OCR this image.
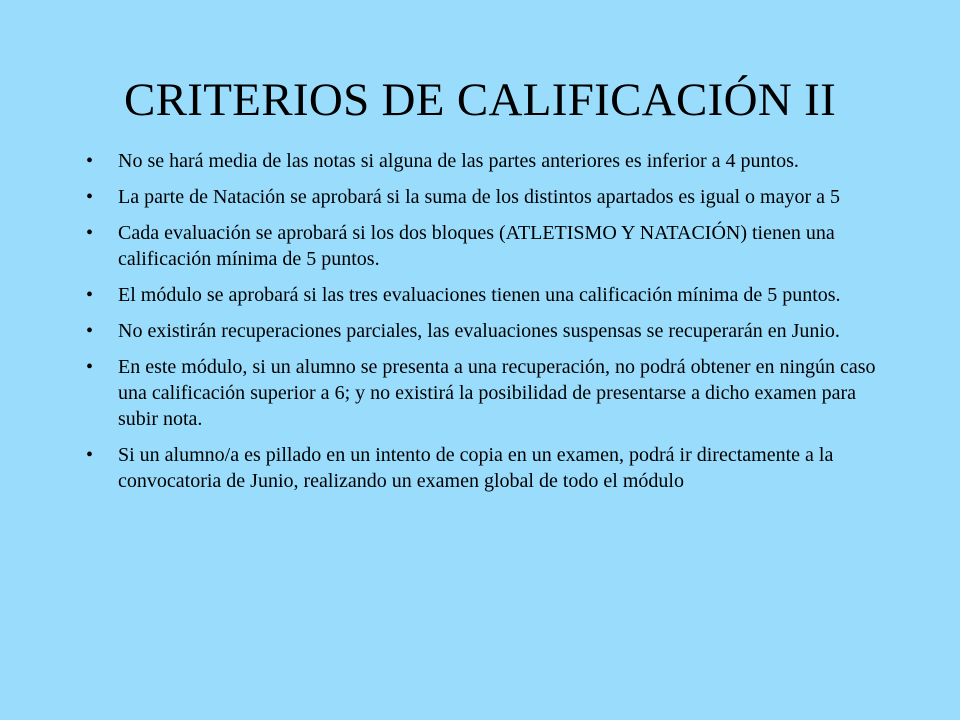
CRITERIOS DE CALIFICACIÓN II
•	No se hará media de las notas si alguna de las partes anteriores es inferior a 4 puntos.
•	La parte de Natación se aprobará si la suma de los distintos apartados es igual o mayor a 5
•	Cada evaluación se aprobará si los dos bloques (ATLETISMO Y NATACIÓN) tienen una calificación mínima de 5 puntos.
•	El módulo se aprobará si las tres evaluaciones tienen una calificación mínima de 5 puntos.
•	No existirán recuperaciones parciales, las evaluaciones suspensas se recuperarán en Junio.
•	En este módulo, si un alumno se presenta a una recuperación, no podrá obtener en ningún caso una calificación superior a 6; y no existirá la posibilidad de presentarse a dicho examen para subir nota.
•	Si un alumno/a es pillado en un intento de copia en un examen, podrá ir directamente a la convocatoria de Junio, realizando un examen global de todo el módulo
